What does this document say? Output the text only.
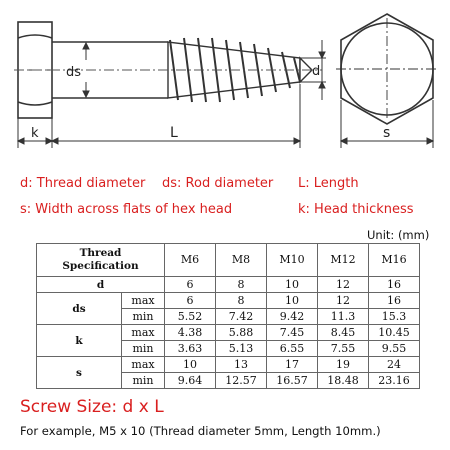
ds	d
k	L	s
d: Thread diameter ds: Rod diameter L: Length
s: Width across flats of hex head	k: Head thickness
Unit: (mm)
Thread
Specification		M6	M8	M10	M12	M16
d		6	8	10	12	16
ds	max	6	8	10	12	16
	min	5.52	7.42	9.42	11.3	15.3
k	max	4.38	5.88	7.45	8.45	10.45
	min	3.63	5.13	6.55	7.55	9.55
s	max	10	13	17	19	24
	min	9.64	12.57	16.57	18.48	23.16
Screw Size: d x L
For example, M5 x 10 (Thread diameter 5mm, Length 10mm.)
